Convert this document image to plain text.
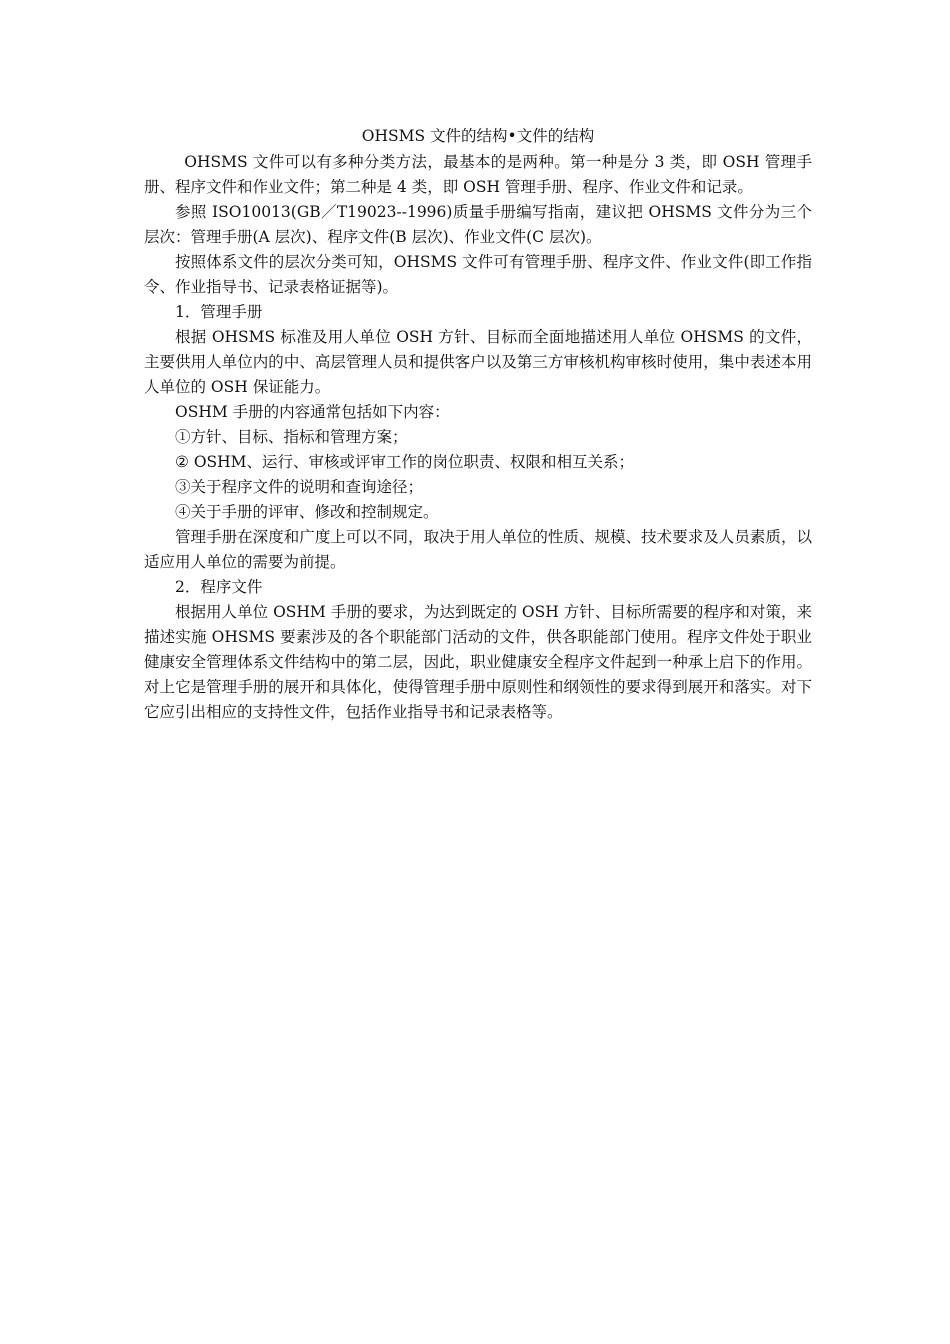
OHSMS 文件的结构•文件的结构

OHSMS 文件可以有多种分类方法，最基本的是两种。第一种是分 3 类，即 OSH 管理手册、程序文件和作业文件；第二种是 4 类，即 OSH 管理手册、程序、作业文件和记录。

参照 ISO10013(GB／T19023--1996)质量手册编写指南，建议把 OHSMS 文件分为三个层次：管理手册(A 层次)、程序文件(B 层次)、作业文件(C 层次)。

按照体系文件的层次分类可知，OHSMS 文件可有管理手册、程序文件、作业文件(即工作指令、作业指导书、记录表格证据等)。

1．管理手册

根据 OHSMS 标准及用人单位 OSH 方针、目标而全面地描述用人单位 OHSMS 的文件，主要供用人单位内的中、高层管理人员和提供客户以及第三方审核机构审核时使用，集中表述本用人单位的 OSH 保证能力。

OSHM 手册的内容通常包括如下内容：

①方针、目标、指标和管理方案；

② OSHM、运行、审核或评审工作的岗位职责、权限和相互关系；

③关于程序文件的说明和查询途径；

④关于手册的评审、修改和控制规定。

管理手册在深度和广度上可以不同，取决于用人单位的性质、规模、技术要求及人员素质，以适应用人单位的需要为前提。

2．程序文件

根据用人单位 OSHM 手册的要求，为达到既定的 OSH 方针、目标所需要的程序和对策，来描述实施 OHSMS 要素涉及的各个职能部门活动的文件，供各职能部门使用。程序文件处于职业健康安全管理体系文件结构中的第二层，因此，职业健康安全程序文件起到一种承上启下的作用。对上它是管理手册的展开和具体化，使得管理手册中原则性和纲领性的要求得到展开和落实。对下它应引出相应的支持性文件，包括作业指导书和记录表格等。
